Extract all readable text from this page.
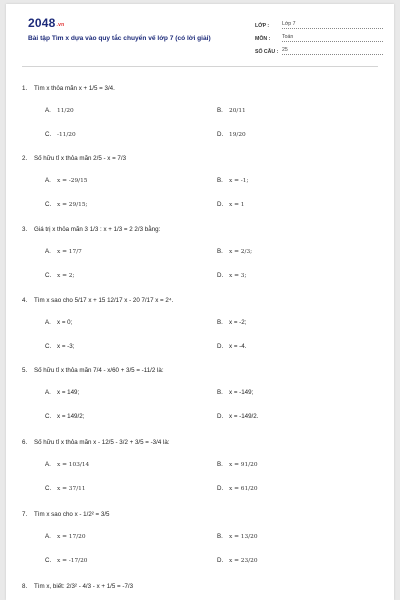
$2048^{.vn}$
Bài tập Tìm x dựa vào quy tắc chuyển vế lớp 7 (có lời giải)
LỚP :	Lớp 7
MÔN :	Toán
SỐ CÂU : 25
1. Tìm x thỏa mãn x + 1/5 = 3/4.
A. 11/20	B. 20/11
C. -11/20	D. 19/20
2. Số hữu tỉ x thỏa mãn 2/5 - x = 7/3
A. x = -29/15	B. x = -1;
C. x = 29/15;	D. x = 1
3. Giá trị x thỏa mãn 3 1/3 : x + 1/3 = 2 2/3 bằng:
A. x = 17/7	B. x = 2/3;
C. x = 2;	D. x = 3;
4. Tìm x sao cho 5/17 x + 15 12/17 x - 20 7/17 x = 2⁴.
A. x = 0;	B. x = -2;
C. x = -3;	D. x = -4.
5. Số hữu tỉ x thỏa mãn 7/4 - x/60 + 3/5 = -11/2 là:
A. x = 149;	B. x = -149;
C. x = 149/2;	D. x = -149/2.
6. Số hữu tỉ x thỏa mãn x - 12/5 - 3/2 + 3/5 = -3/4 là:
A. x = 103/14	B. x = 91/20
C. x = 37/11	D. x = 61/20
7. Tìm x sao cho x - 1/2² = 3/5
A. x = 17/20	B. x = 13/20
C. x = -17/20	D. x = 23/20
8. Tìm x, biết: 2/3² - 4/3 - x + 1/5 = -7/3
